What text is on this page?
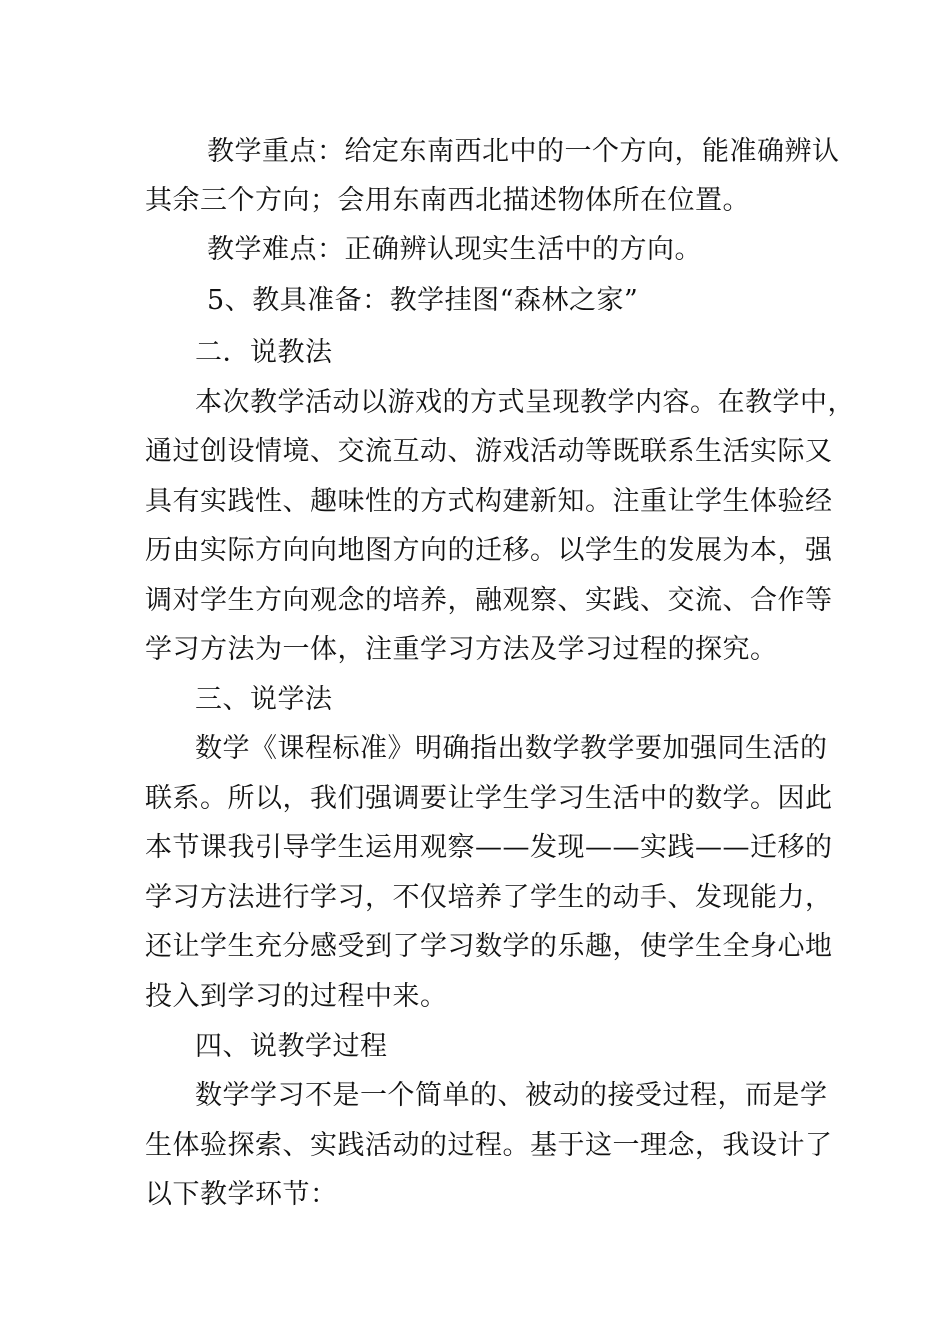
教学重点：给定东南西北中的一个方向，能准确辨认
其余三个方向；会用东南西北描述物体所在位置。
教学难点：正确辨认现实生活中的方向。
5、教具准备：教学挂图“森林之家”
二．说教法
本次教学活动以游戏的方式呈现教学内容。在教学中，
通过创设情境、交流互动、游戏活动等既联系生活实际又
具有实践性、趣味性的方式构建新知。注重让学生体验经
历由实际方向向地图方向的迁移。以学生的发展为本，强
调对学生方向观念的培养，融观察、实践、交流、合作等
学习方法为一体，注重学习方法及学习过程的探究。
三、说学法
数学《课程标准》明确指出数学教学要加强同生活的
联系。所以，我们强调要让学生学习生活中的数学。因此
本节课我引导学生运用观察——发现——实践——迁移的
学习方法进行学习，不仅培养了学生的动手、发现能力，
还让学生充分感受到了学习数学的乐趣，使学生全身心地
投入到学习的过程中来。
四、说教学过程
数学学习不是一个简单的、被动的接受过程，而是学
生体验探索、实践活动的过程。基于这一理念，我设计了
以下教学环节：
